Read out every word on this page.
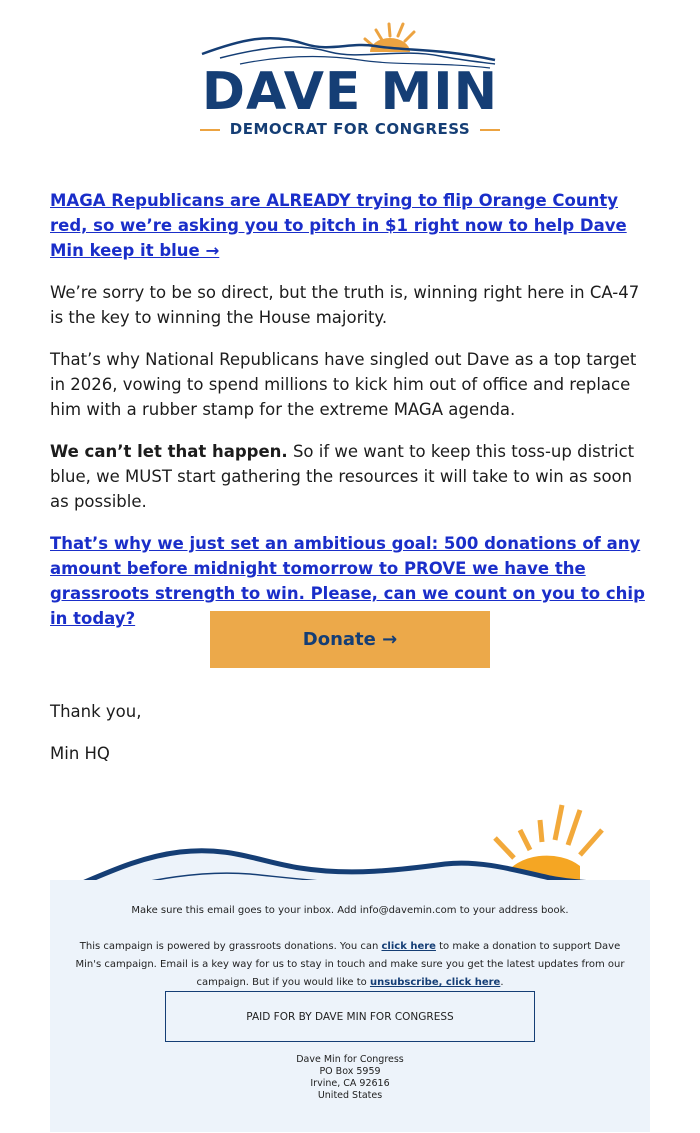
DAVE MIN
DEMOCRAT FOR CONGRESS

MAGA Republicans are ALREADY trying to flip Orange County red, so we’re asking you to pitch in $1 right now to help Dave Min keep it blue →

We’re sorry to be so direct, but the truth is, winning right here in CA-47 is the key to winning the House majority.

That’s why National Republicans have singled out Dave as a top target in 2026, vowing to spend millions to kick him out of office and replace him with a rubber stamp for the extreme MAGA agenda.

We can’t let that happen. So if we want to keep this toss-up district blue, we MUST start gathering the resources it will take to win as soon as possible.

That’s why we just set an ambitious goal: 500 donations of any amount before midnight tomorrow to PROVE we have the grassroots strength to win. Please, can we count on you to chip in today?

Donate →

Thank you,

Min HQ

Make sure this email goes to your inbox. Add info@davemin.com to your address book.
This campaign is powered by grassroots donations. You can click here to make a donation to support Dave Min's campaign. Email is a key way for us to stay in touch and make sure you get the latest updates from our campaign. But if you would like to unsubscribe, click here.
PAID FOR BY DAVE MIN FOR CONGRESS
Dave Min for Congress
PO Box 5959
Irvine, CA 92616
United States
